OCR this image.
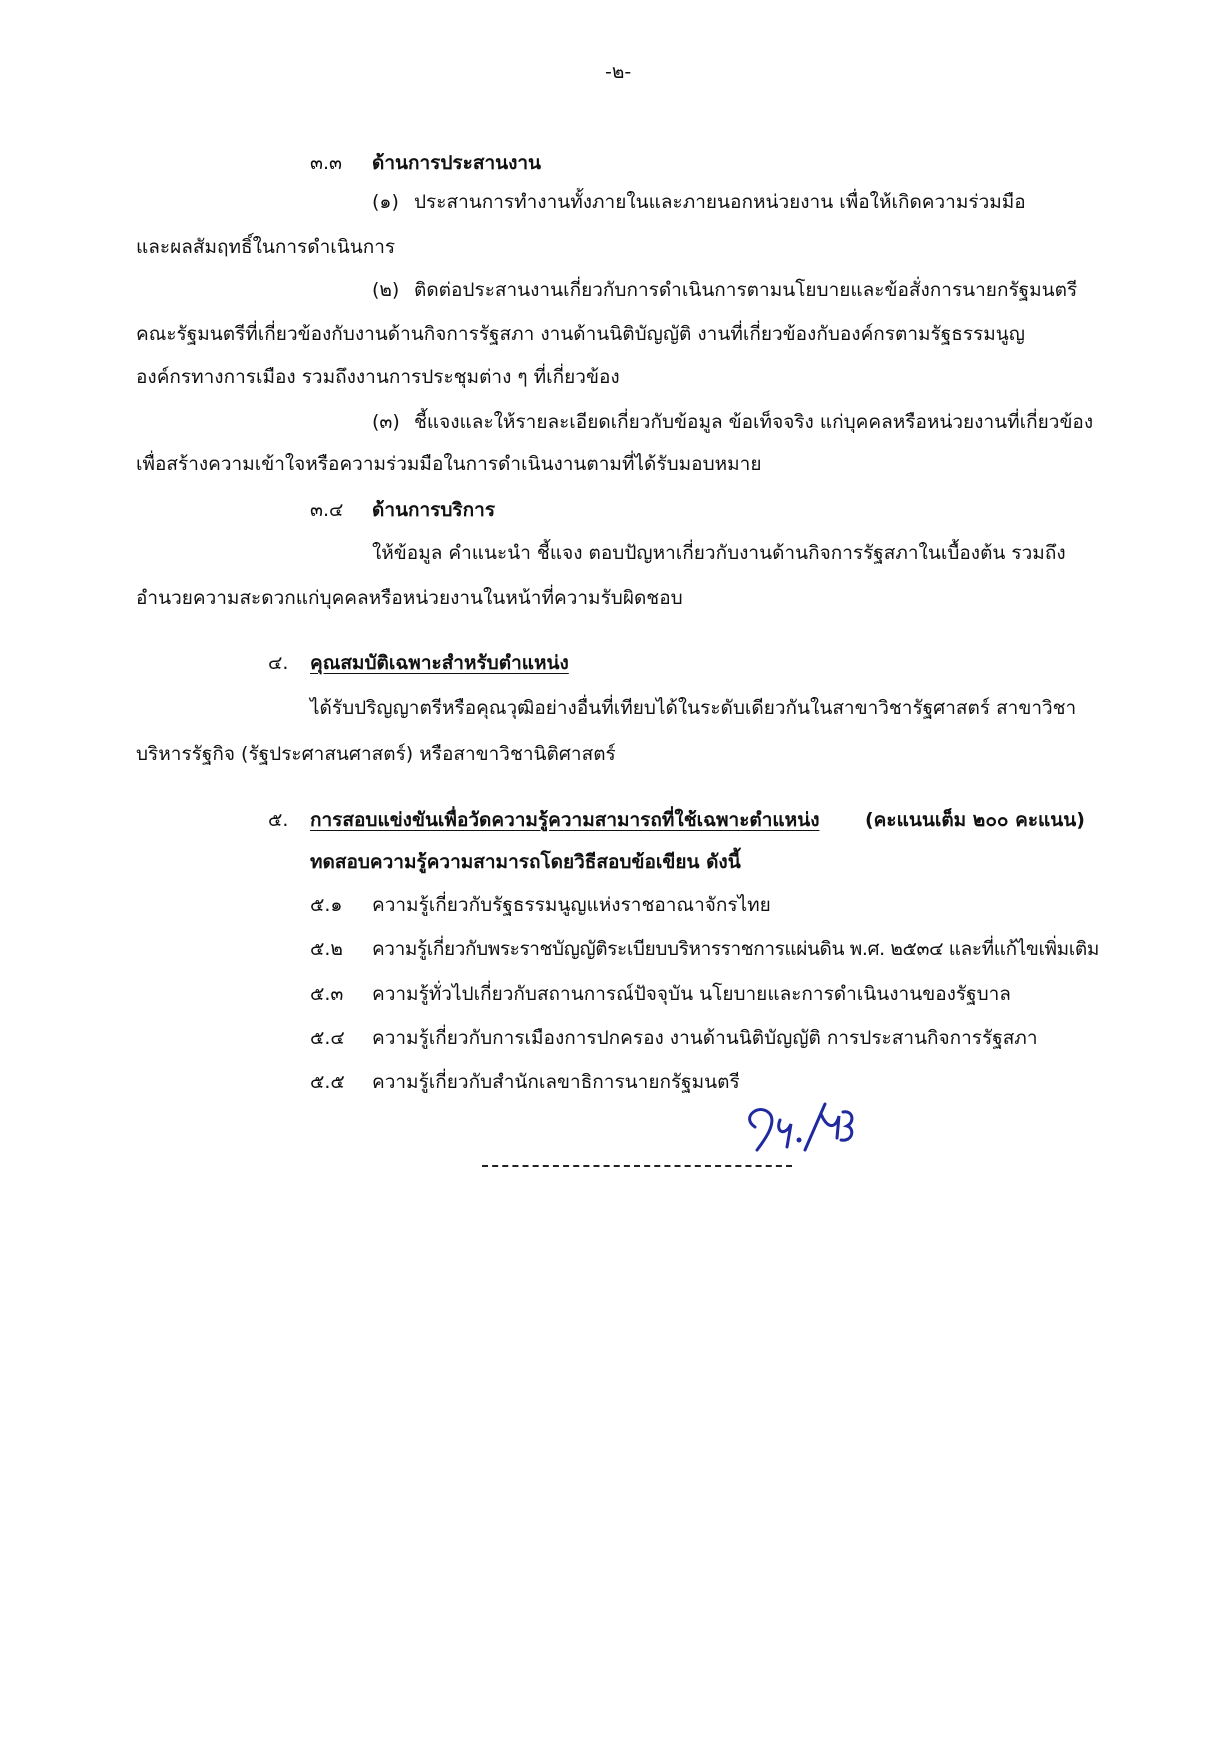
-๒-
๓.๓ ด้านการประสานงาน
(๑) ประสานการทำงานทั้งภายในและภายนอกหน่วยงาน เพื่อให้เกิดความร่วมมือ
และผลสัมฤทธิ์ในการดำเนินการ
(๒) ติดต่อประสานงานเกี่ยวกับการดำเนินการตามนโยบายและข้อสั่งการนายกรัฐมนตรี
คณะรัฐมนตรีที่เกี่ยวข้องกับงานด้านกิจการรัฐสภา งานด้านนิติบัญญัติ งานที่เกี่ยวข้องกับองค์กรตามรัฐธรรมนูญ
องค์กรทางการเมือง รวมถึงงานการประชุมต่าง ๆ ที่เกี่ยวข้อง
(๓) ชี้แจงและให้รายละเอียดเกี่ยวกับข้อมูล ข้อเท็จจริง แก่บุคคลหรือหน่วยงานที่เกี่ยวข้อง
เพื่อสร้างความเข้าใจหรือความร่วมมือในการดำเนินงานตามที่ได้รับมอบหมาย
๓.๔ ด้านการบริการ
ให้ข้อมูล คำแนะนำ ชี้แจง ตอบปัญหาเกี่ยวกับงานด้านกิจการรัฐสภาในเบื้องต้น รวมถึง
อำนวยความสะดวกแก่บุคคลหรือหน่วยงานในหน้าที่ความรับผิดชอบ
๔. คุณสมบัติเฉพาะสำหรับตำแหน่ง
ได้รับปริญญาตรีหรือคุณวุฒิอย่างอื่นที่เทียบได้ในระดับเดียวกันในสาขาวิชารัฐศาสตร์ สาขาวิชา
บริหารรัฐกิจ (รัฐประศาสนศาสตร์) หรือสาขาวิชานิติศาสตร์
๕. การสอบแข่งขันเพื่อวัดความรู้ความสามารถที่ใช้เฉพาะตำแหน่ง (คะแนนเต็ม ๒๐๐ คะแนน)
ทดสอบความรู้ความสามารถโดยวิธีสอบข้อเขียน ดังนี้
๕.๑ ความรู้เกี่ยวกับรัฐธรรมนูญแห่งราชอาณาจักรไทย
๕.๒ ความรู้เกี่ยวกับพระราชบัญญัติระเบียบบริหารราชการแผ่นดิน พ.ศ. ๒๕๓๔ และที่แก้ไขเพิ่มเติม
๕.๓ ความรู้ทั่วไปเกี่ยวกับสถานการณ์ปัจจุบัน นโยบายและการดำเนินงานของรัฐบาล
๕.๔ ความรู้เกี่ยวกับการเมืองการปกครอง งานด้านนิติบัญญัติ การประสานกิจการรัฐสภา
๕.๕ ความรู้เกี่ยวกับสำนักเลขาธิการนายกรัฐมนตรี
